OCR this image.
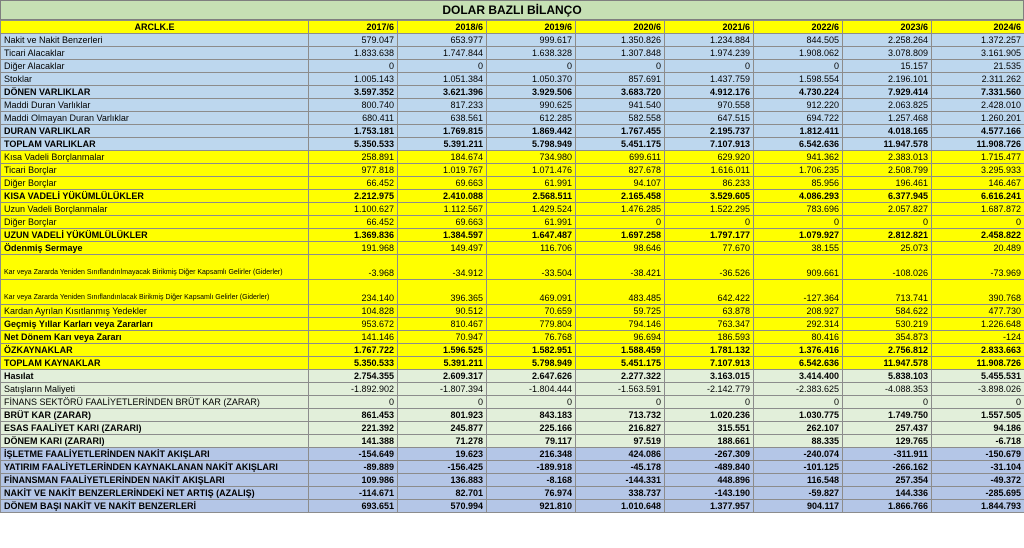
DOLAR BAZLI BİLANÇO
ARCLK.E	2017/6	2018/6	2019/6	2020/6	2021/6	2022/6	2023/6	2024/6
Nakit ve Nakit Benzerleri	579.047	653.977	999.617	1.350.826	1.234.884	844.505	2.258.264	1.372.257
Ticari Alacaklar	1.833.638	1.747.844	1.638.328	1.307.848	1.974.239	1.908.062	3.078.809	3.161.905
Diğer Alacaklar	0	0	0	0	0	0	15.157	21.535
Stoklar	1.005.143	1.051.384	1.050.370	857.691	1.437.759	1.598.554	2.196.101	2.311.262
DÖNEN VARLIKLAR	3.597.352	3.621.396	3.929.506	3.683.720	4.912.176	4.730.224	7.929.414	7.331.560
Maddi Duran Varlıklar	800.740	817.233	990.625	941.540	970.558	912.220	2.063.825	2.428.010
Maddi Olmayan Duran Varlıklar	680.411	638.561	612.285	582.558	647.515	694.722	1.257.468	1.260.201
DURAN VARLIKLAR	1.753.181	1.769.815	1.869.442	1.767.455	2.195.737	1.812.411	4.018.165	4.577.166
TOPLAM VARLIKLAR	5.350.533	5.391.211	5.798.949	5.451.175	7.107.913	6.542.636	11.947.578	11.908.726
Kısa Vadeli Borçlanmalar	258.891	184.674	734.980	699.611	629.920	941.362	2.383.013	1.715.477
Ticari Borçlar	977.818	1.019.767	1.071.476	827.678	1.616.011	1.706.235	2.508.799	3.295.933
Diğer Borçlar	66.452	69.663	61.991	94.107	86.233	85.956	196.461	146.467
KISA VADELİ YÜKÜMLÜLÜKLER	2.212.975	2.410.088	2.568.511	2.165.458	3.529.605	4.086.293	6.377.945	6.616.241
Uzun Vadeli Borçlanmalar	1.100.627	1.112.567	1.429.524	1.476.285	1.522.295	783.696	2.057.827	1.687.872
Diğer Borçlar	66.452	69.663	61.991	0	0	0	0	0
UZUN VADELİ YÜKÜMLÜLÜKLER	1.369.836	1.384.597	1.647.487	1.697.258	1.797.177	1.079.927	2.812.821	2.458.822
Ödenmiş Sermaye	191.968	149.497	116.706	98.646	77.670	38.155	25.073	20.489
Kar veya Zararda Yeniden Sınıflandırılmayacak Birikmiş Diğer Kapsamlı Gelirler (Giderler)	-3.968	-34.912	-33.504	-38.421	-36.526	909.661	-108.026	-73.969
Kar veya Zararda Yeniden Sınıflandırılacak Birikmiş Diğer Kapsamlı Gelirler (Giderler)	234.140	396.365	469.091	483.485	642.422	-127.364	713.741	390.768
Kardan Ayrılan Kısıtlanmış Yedekler	104.828	90.512	70.659	59.725	63.878	208.927	584.622	477.730
Geçmiş Yıllar Karları veya Zararları	953.672	810.467	779.804	794.146	763.347	292.314	530.219	1.226.648
Net Dönem Karı veya Zararı	141.146	70.947	76.768	96.694	186.593	80.416	354.873	-124
ÖZKAYNAKLAR	1.767.722	1.596.525	1.582.951	1.588.459	1.781.132	1.376.416	2.756.812	2.833.663
TOPLAM KAYNAKLAR	5.350.533	5.391.211	5.798.949	5.451.175	7.107.913	6.542.636	11.947.578	11.908.726
Hasılat	2.754.355	2.609.317	2.647.626	2.277.322	3.163.015	3.414.400	5.838.103	5.455.531
Satışların Maliyeti	-1.892.902	-1.807.394	-1.804.444	-1.563.591	-2.142.779	-2.383.625	-4.088.353	-3.898.026
FİNANS SEKTÖRÜ FAALİYETLERİNDEN BRÜT KAR (ZARAR)	0	0	0	0	0	0	0	0
BRÜT KAR (ZARAR)	861.453	801.923	843.183	713.732	1.020.236	1.030.775	1.749.750	1.557.505
ESAS FAALİYET KARI (ZARARI)	221.392	245.877	225.166	216.827	315.551	262.107	257.437	94.186
DÖNEM KARI (ZARARI)	141.388	71.278	79.117	97.519	188.661	88.335	129.765	-6.718
İŞLETME FAALİYETLERİNDEN NAKİT AKIŞLARI	-154.649	19.623	216.348	424.086	-267.309	-240.074	-311.911	-150.679
YATIRIM FAALİYETLERİNDEN KAYNAKLANAN NAKİT AKIŞLARI	-89.889	-156.425	-189.918	-45.178	-489.840	-101.125	-266.162	-31.104
FİNANSMAN FAALİYETLERİNDEN NAKİT AKIŞLARI	109.986	136.883	-8.168	-144.331	448.896	116.548	257.354	-49.372
NAKİT VE NAKİT BENZERLERİNDEKİ NET ARTIŞ (AZALIŞ)	-114.671	82.701	76.974	338.737	-143.190	-59.827	144.336	-285.695
DÖNEM BAŞI NAKİT VE NAKİT BENZERLERİ	693.651	570.994	921.810	1.010.648	1.377.957	904.117	1.866.766	1.844.793
